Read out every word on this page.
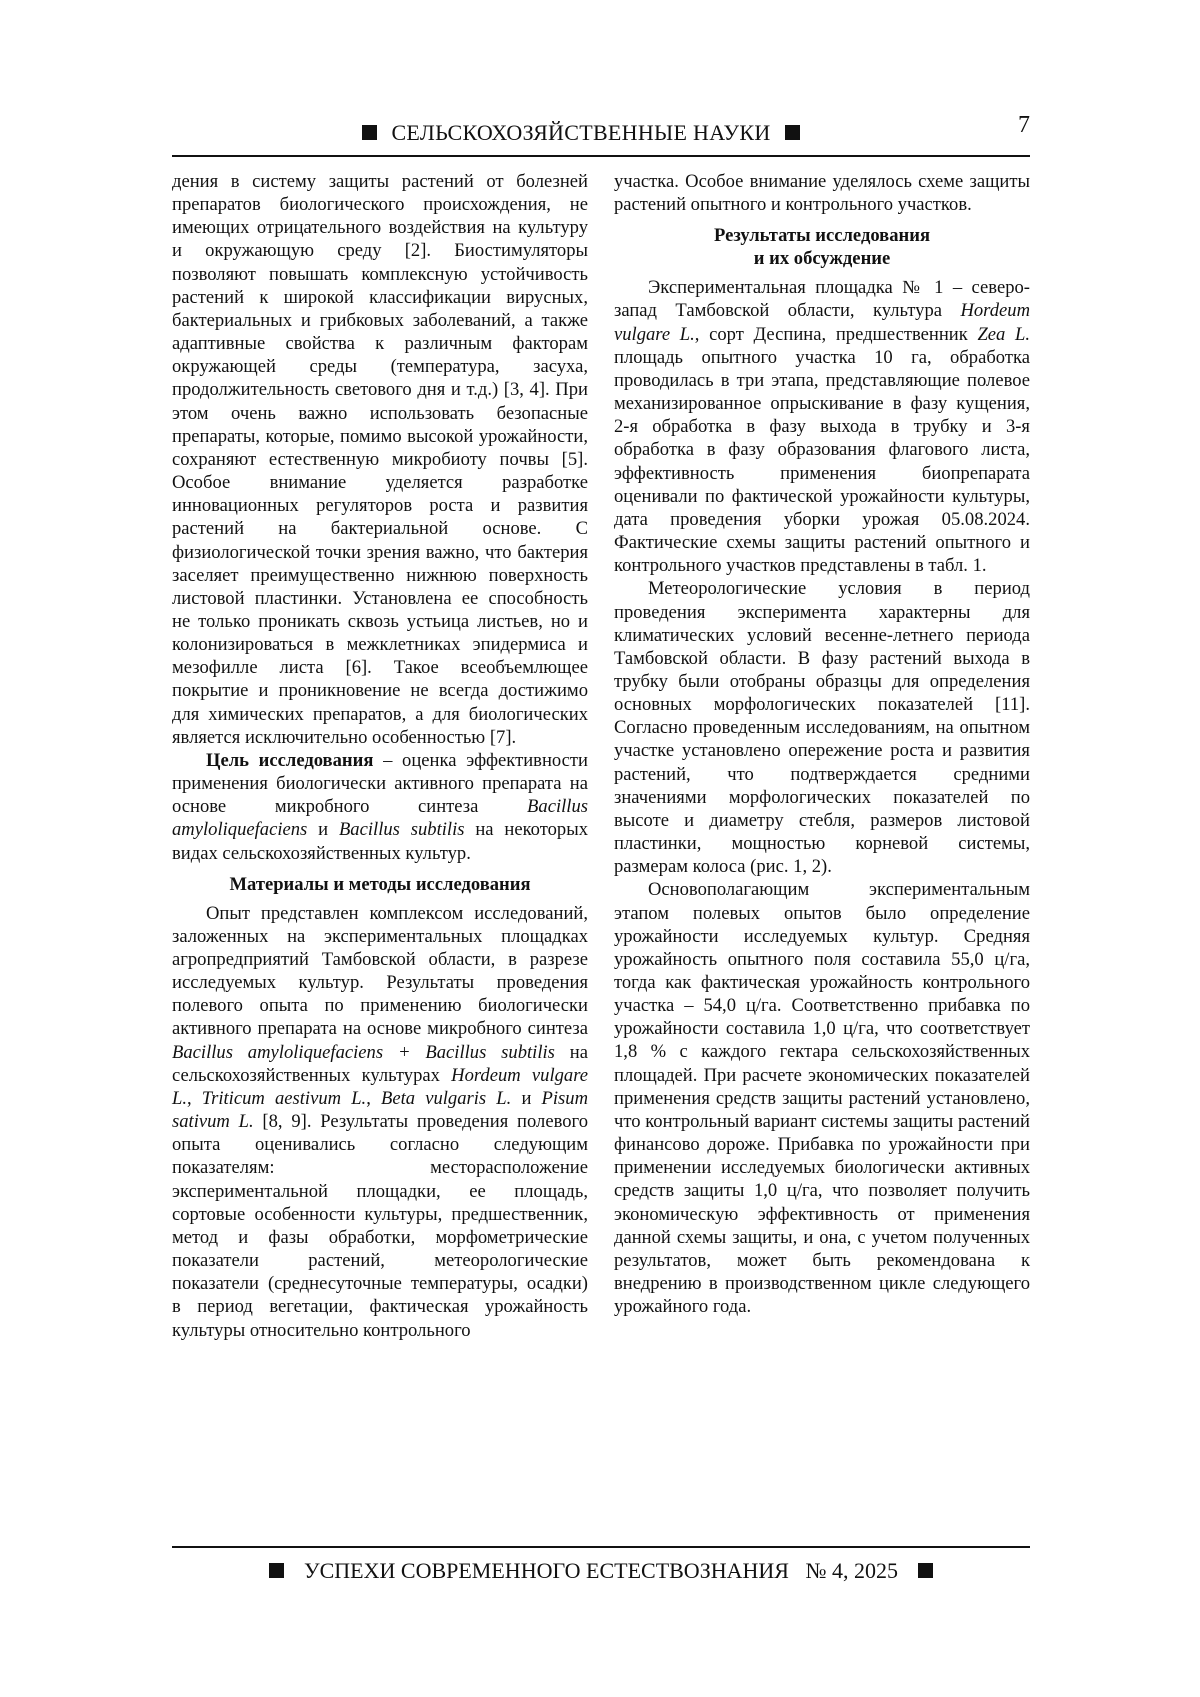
СЕЛЬСКОХОЗЯЙСТВЕННЫЕ НАУКИ	7

дения в систему защиты растений от болезней препаратов биологического происхождения, не имеющих отрицательного воздействия на культуру и окружающую среду [2]. Биостимуляторы позволяют повышать комплексную устойчивость растений к широкой классификации вирусных, бактериальных и грибковых заболеваний, а также адаптивные свойства к различным факторам окружающей среды (температура, засуха, продолжительность светового дня и т.д.) [3, 4]. При этом очень важно использовать безопасные препараты, которые, помимо высокой урожайности, сохраняют естественную микробиоту почвы [5]. Особое внимание уделяется разработке инновационных регуляторов роста и развития растений на бактериальной основе. С физиологической точки зрения важно, что бактерия заселяет преимущественно нижнюю поверхность листовой пластинки. Установлена ее способность не только проникать сквозь устьица листьев, но и колонизироваться в межклетниках эпидермиса и мезофилле листа [6]. Такое всеобъемлющее покрытие и проникновение не всегда достижимо для химических препаратов, а для биологических является исключительно особенностью [7].

Цель исследования – оценка эффективности применения биологически активного препарата на основе микробного синтеза Bacillus amyloliquefaciens и Bacillus subtilis на некоторых видах сельскохозяйственных культур.

Материалы и методы исследования

Опыт представлен комплексом исследований, заложенных на экспериментальных площадках агропредприятий Тамбовской области, в разрезе исследуемых культур. Результаты проведения полевого опыта по применению биологически активного препарата на основе микробного синтеза Bacillus amyloliquefaciens + Bacillus subtilis на сельскохозяйственных культурах Hordeum vulgare L., Triticum aestivum L., Beta vulgaris L. и Pisum sativum L. [8, 9]. Результаты проведения полевого опыта оценивались согласно следующим показателям: месторасположение экспериментальной площадки, ее площадь, сортовые особенности культуры, предшественник, метод и фазы обработки, морфометрические показатели растений, метеорологические показатели (среднесуточные температуры, осадки) в период вегетации, фактическая урожайность культуры относительно контрольного

участка. Особое внимание уделялось схеме защиты растений опытного и контрольного участков.

Результаты исследования
и их обсуждение

Экспериментальная площадка № 1 – северо-запад Тамбовской области, культура Hordeum vulgare L., сорт Деспина, предшественник Zea L. площадь опытного участка 10 га, обработка проводилась в три этапа, представляющие полевое механизированное опрыскивание в фазу кущения, 2-я обработка в фазу выхода в трубку и 3-я обработка в фазу образования флагового листа, эффективность применения биопрепарата оценивали по фактической урожайности культуры, дата проведения уборки урожая 05.08.2024. Фактические схемы защиты растений опытного и контрольного участков представлены в табл. 1.

Метеорологические условия в период проведения эксперимента характерны для климатических условий весенне-летнего периода Тамбовской области. В фазу растений выхода в трубку были отобраны образцы для определения основных морфологических показателей [11]. Согласно проведенным исследованиям, на опытном участке установлено опережение роста и развития растений, что подтверждается средними значениями морфологических показателей по высоте и диаметру стебля, размеров листовой пластинки, мощностью корневой системы, размерам колоса (рис. 1, 2).

Основополагающим экспериментальным этапом полевых опытов было определение урожайности исследуемых культур. Средняя урожайность опытного поля составила 55,0 ц/га, тогда как фактическая урожайность контрольного участка – 54,0 ц/га. Соответственно прибавка по урожайности составила 1,0 ц/га, что соответствует 1,8 % с каждого гектара сельскохозяйственных площадей. При расчете экономических показателей применения средств защиты растений установлено, что контрольный вариант системы защиты растений финансово дороже. Прибавка по урожайности при применении исследуемых биологически активных средств защиты 1,0 ц/га, что позволяет получить экономическую эффективность от применения данной схемы защиты, и она, с учетом полученных результатов, может быть рекомендована к внедрению в производственном цикле следующего урожайного года.

УСПЕХИ СОВРЕМЕННОГО ЕСТЕСТВОЗНАНИЯ № 4, 2025
